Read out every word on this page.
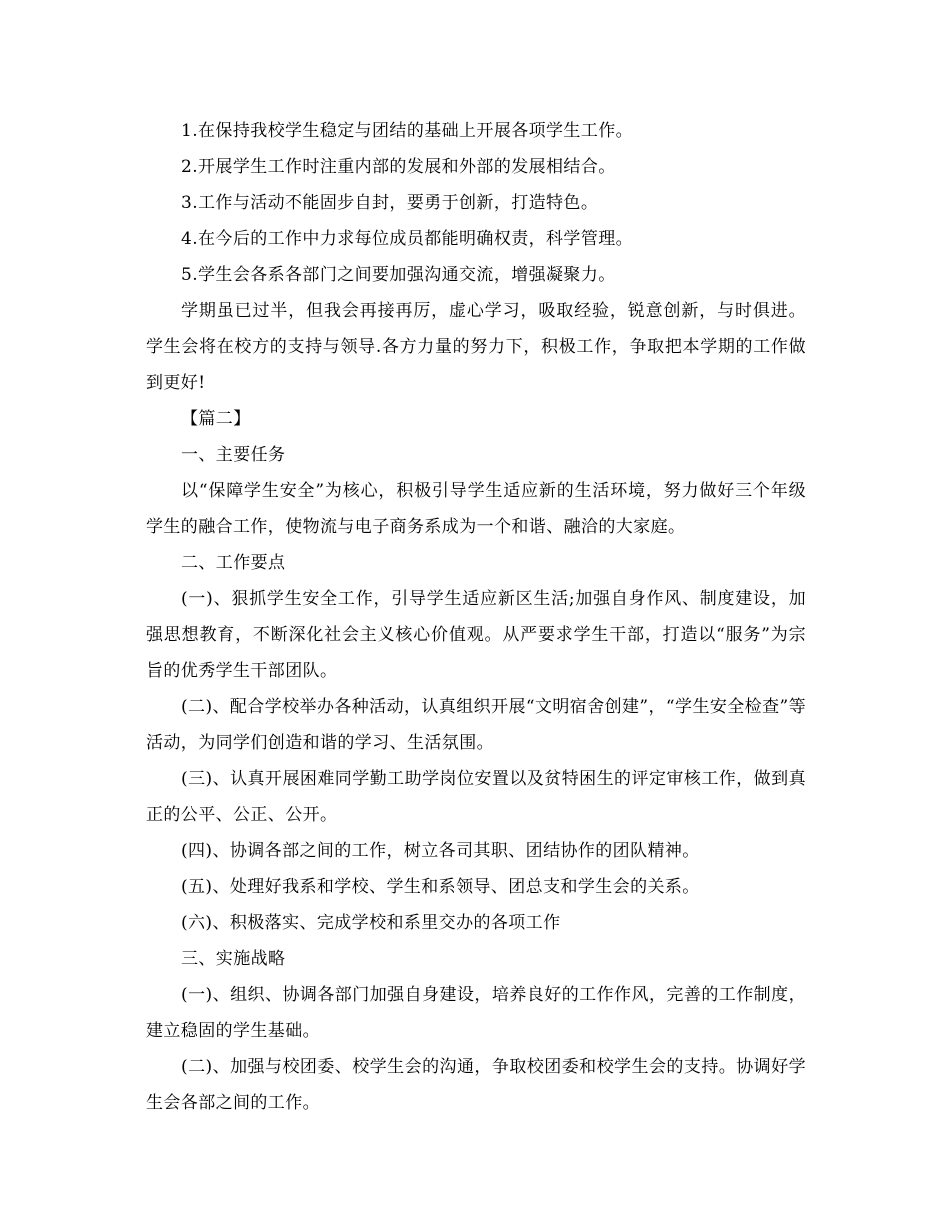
1.在保持我校学生稳定与团结的基础上开展各项学生工作。

2.开展学生工作时注重内部的发展和外部的发展相结合。

3.工作与活动不能固步自封，要勇于创新，打造特色。

4.在今后的工作中力求每位成员都能明确权责，科学管理。

5.学生会各系各部门之间要加强沟通交流，增强凝聚力。

学期虽已过半，但我会再接再厉，虚心学习，吸取经验，锐意创新，与时俱进。学生会将在校方的支持与领导.各方力量的努力下，积极工作，争取把本学期的工作做到更好!

【篇二】

一、主要任务

以“保障学生安全”为核心，积极引导学生适应新的生活环境，努力做好三个年级学生的融合工作，使物流与电子商务系成为一个和谐、融洽的大家庭。

二、工作要点

(一)、狠抓学生安全工作，引导学生适应新区生活;加强自身作风、制度建设，加强思想教育，不断深化社会主义核心价值观。从严要求学生干部，打造以“服务”为宗旨的优秀学生干部团队。

(二)、配合学校举办各种活动，认真组织开展“文明宿舍创建”，“学生安全检查”等活动，为同学们创造和谐的学习、生活氛围。

(三)、认真开展困难同学勤工助学岗位安置以及贫特困生的评定审核工作，做到真正的公平、公正、公开。

(四)、协调各部之间的工作，树立各司其职、团结协作的团队精神。

(五)、处理好我系和学校、学生和系领导、团总支和学生会的关系。

(六)、积极落实、完成学校和系里交办的各项工作

三、实施战略

(一)、组织、协调各部门加强自身建设，培养良好的工作作风，完善的工作制度，建立稳固的学生基础。

(二)、加强与校团委、校学生会的沟通，争取校团委和校学生会的支持。协调好学生会各部之间的工作。
